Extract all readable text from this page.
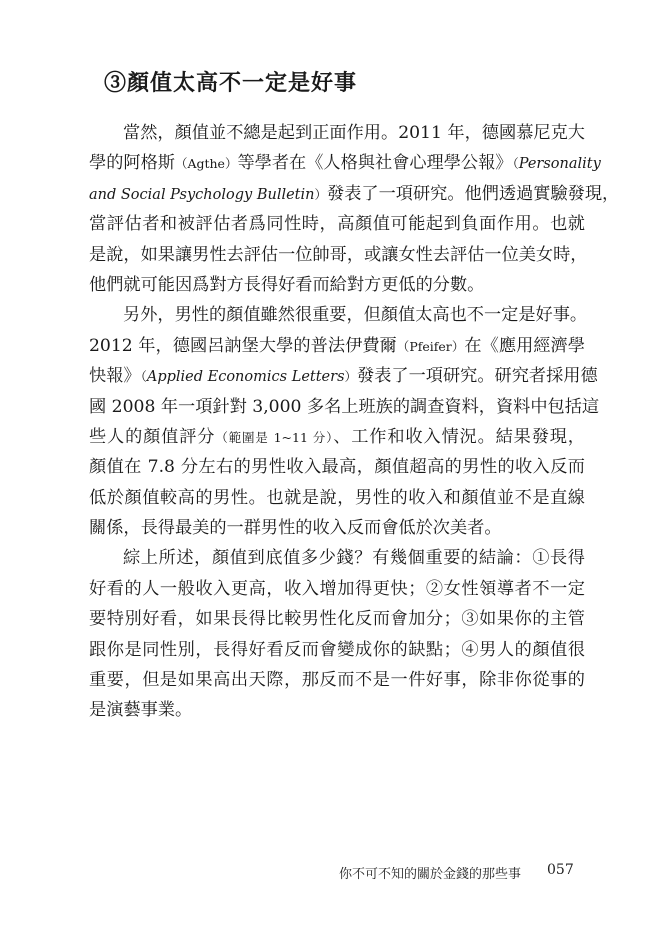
③顏值太高不一定是好事
當然，顏值並不總是起到正面作用。2011 年，德國慕尼克大
學的阿格斯（Agthe）等學者在《人格與社會心理學公報》（Personality
and Social Psychology Bulletin）發表了一項研究。他們透過實驗發現，
當評估者和被評估者爲同性時，高顏值可能起到負面作用。也就
是說，如果讓男性去評估一位帥哥，或讓女性去評估一位美女時，
他們就可能因爲對方長得好看而給對方更低的分數。
另外，男性的顏值雖然很重要，但顏值太高也不一定是好事。
2012 年，德國呂訥堡大學的普法伊費爾（Pfeifer）在《應用經濟學
快報》（Applied Economics Letters）發表了一項研究。研究者採用德
國 2008 年一項針對 3,000 多名上班族的調查資料，資料中包括這
些人的顏值評分（範圍是 1~11 分）、工作和收入情況。結果發現，
顏值在 7.8 分左右的男性收入最高，顏值超高的男性的收入反而
低於顏值較高的男性。也就是說，男性的收入和顏值並不是直線
關係，長得最美的一群男性的收入反而會低於次美者。
綜上所述，顏值到底值多少錢？有幾個重要的結論：①長得
好看的人一般收入更高，收入增加得更快；②女性領導者不一定
要特別好看，如果長得比較男性化反而會加分；③如果你的主管
跟你是同性別，長得好看反而會變成你的缺點；④男人的顏值很
重要，但是如果高出天際，那反而不是一件好事，除非你從事的
是演藝事業。
你不可不知的關於金錢的那些事 057
